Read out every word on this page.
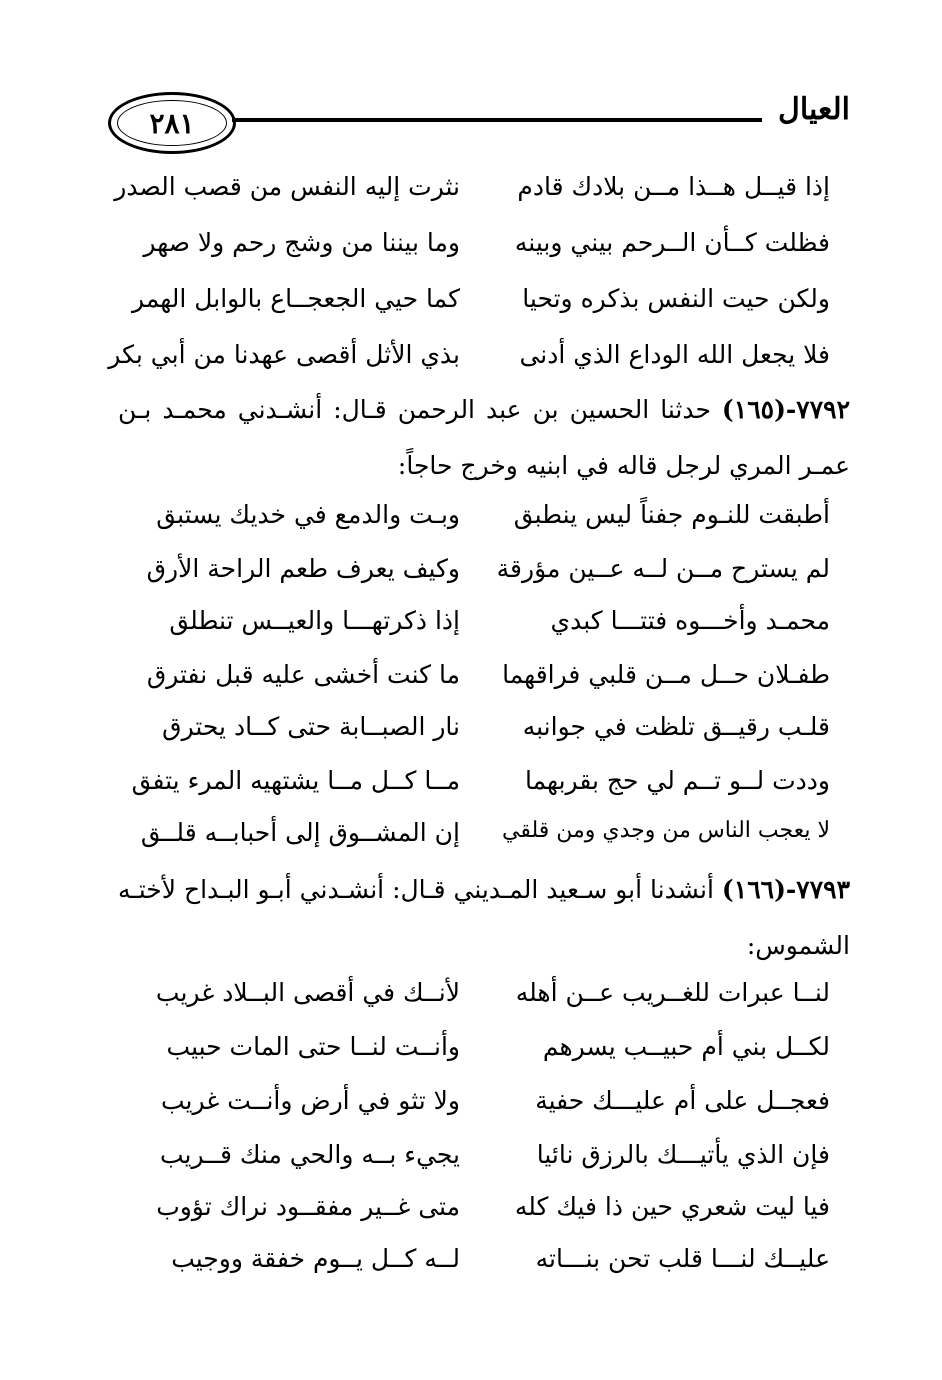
العيال
٢٨١
إذا قيــل هــذا مــن بلادك قادم
نثرت إليه النفس من قصب الصدر
فظلت كــأن الــرحم بيني وبينه
وما بيننا من وشج رحم ولا صهر
ولكن حيت النفس بذكره وتحيا
كما حيي الجعجــاع بالوابل الهمر
فلا يجعل الله الوداع الذي أدنى
بذي الأثل أقصى عهدنا من أبي بكر
٧٧٩٢-(١٦٥) حدثنا الحسين بن عبد الرحمن قـال: أنشـدني محمـد بـن عمـر المري لرجل قاله في ابنيه وخرج حاجاً:
أطبقت للنـوم جفناً ليس ينطبق
وبـت والدمع في خديك يستبق
لم يسترح مــن لــه عــين مؤرقة
وكيف يعرف طعم الراحة الأرق
محمـد وأخـــوه فتتـــا كبدي
إذا ذكرتهـــا والعيــس تنطلق
طفـلان حــل مــن قلبي فراقهما
ما كنت أخشى عليه قبل نفترق
قلـب رقيــق تلظت في جوانبه
نار الصبــابة حتى كــاد يحترق
وددت لــو تــم لي حج بقربهما
مــا كــل مــا يشتهيه المرء يتفق
لا يعجب الناس من وجدي ومن قلقي
إن المشــوق إلى أحبابــه قلــق
٧٧٩٣-(١٦٦) أنشدنا أبو سـعيد المـديني قـال: أنشـدني أبـو البـداح لأختـه الشموس:
لنــا عبرات للغــريب عــن أهله
لأنــك في أقصى البــلاد غريب
لكــل بني أم حبيــب يسرهم
وأنــت لنــا حتى المات حبيب
فعجــل على أم عليـــك حفية
ولا تثو في أرض وأنــت غريب
فإن الذي يأتيـــك بالرزق نائيا
يجيء بــه والحي منك قــريب
فيا ليت شعري حين ذا فيك كله
متى غــير مفقــود نراك تؤوب
عليــك لنـــا قلب تحن بنـــاته
لــه كــل يــوم خفقة ووجيب
